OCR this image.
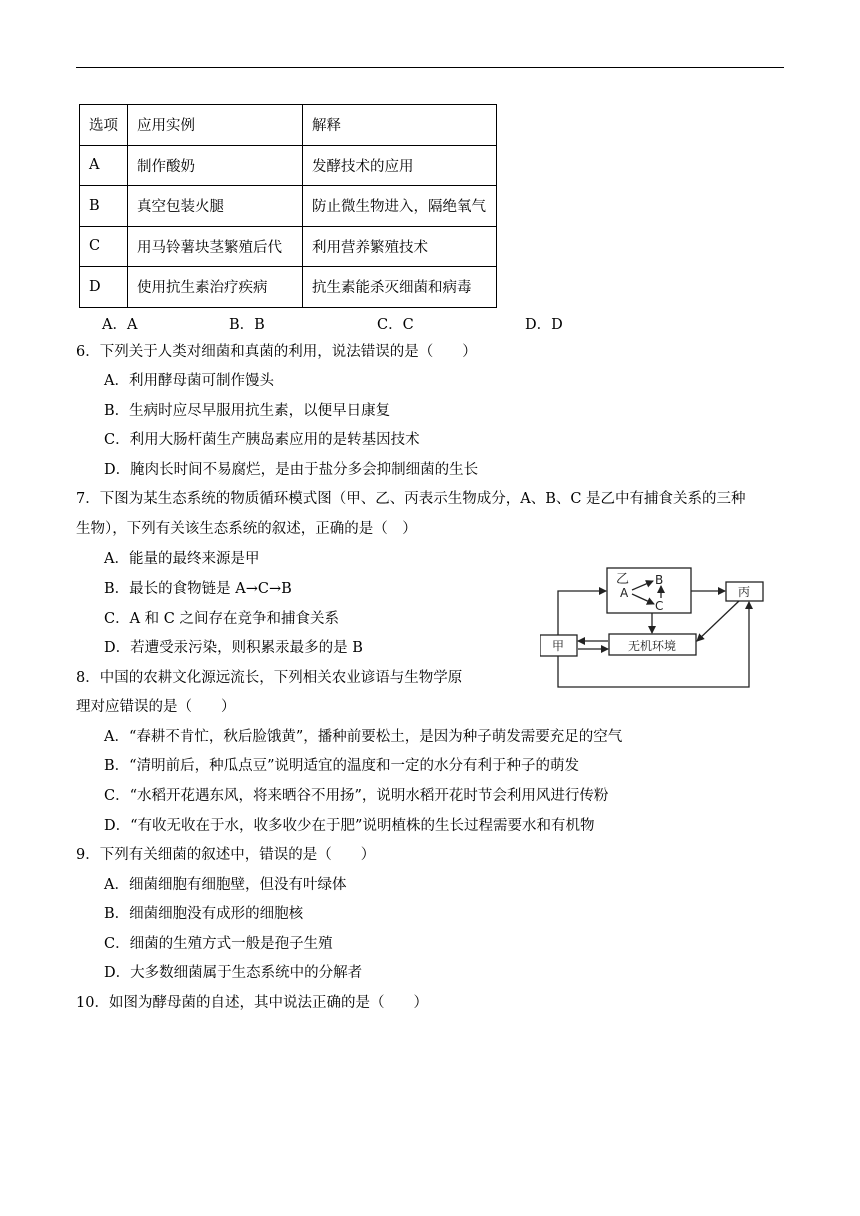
选项	应用实例	解释
A	制作酸奶	发酵技术的应用
B	真空包装火腿	防止微生物进入，隔绝氧气
C	用马铃薯块茎繁殖后代	利用营养繁殖技术
D	使用抗生素治疗疾病	抗生素能杀灭细菌和病毒
A．A	B．B	C．C	D．D
6．下列关于人类对细菌和真菌的利用，说法错误的是（　　）
A．利用酵母菌可制作馒头
B．生病时应尽早服用抗生素，以便早日康复
C．利用大肠杆菌生产胰岛素应用的是转基因技术
D．腌肉长时间不易腐烂，是由于盐分多会抑制细菌的生长
7．下图为某生态系统的物质循环模式图（甲、乙、丙表示生物成分，A、B、C 是乙中有捕食关系的三种
生物），下列有关该生态系统的叙述，正确的是（　）
A．能量的最终来源是甲
B．最长的食物链是 A→C→B
C．A 和 C 之间存在竞争和捕食关系
D．若遭受汞污染，则积累汞最多的是 B
乙
A
B
C
丙
无机环境
甲
8．中国的农耕文化源远流长，下列相关农业谚语与生物学原
理对应错误的是（　　）
A．“春耕不肯忙，秋后脸饿黄”，播种前要松土，是因为种子萌发需要充足的空气
B．“清明前后，种瓜点豆”说明适宜的温度和一定的水分有利于种子的萌发
C．“水稻开花遇东风，将来晒谷不用扬”，说明水稻开花时节会利用风进行传粉
D．“有收无收在于水，收多收少在于肥”说明植株的生长过程需要水和有机物
9．下列有关细菌的叙述中，错误的是（　　）
A．细菌细胞有细胞壁，但没有叶绿体
B．细菌细胞没有成形的细胞核
C．细菌的生殖方式一般是孢子生殖
D．大多数细菌属于生态系统中的分解者
10．如图为酵母菌的自述，其中说法正确的是（　　）
